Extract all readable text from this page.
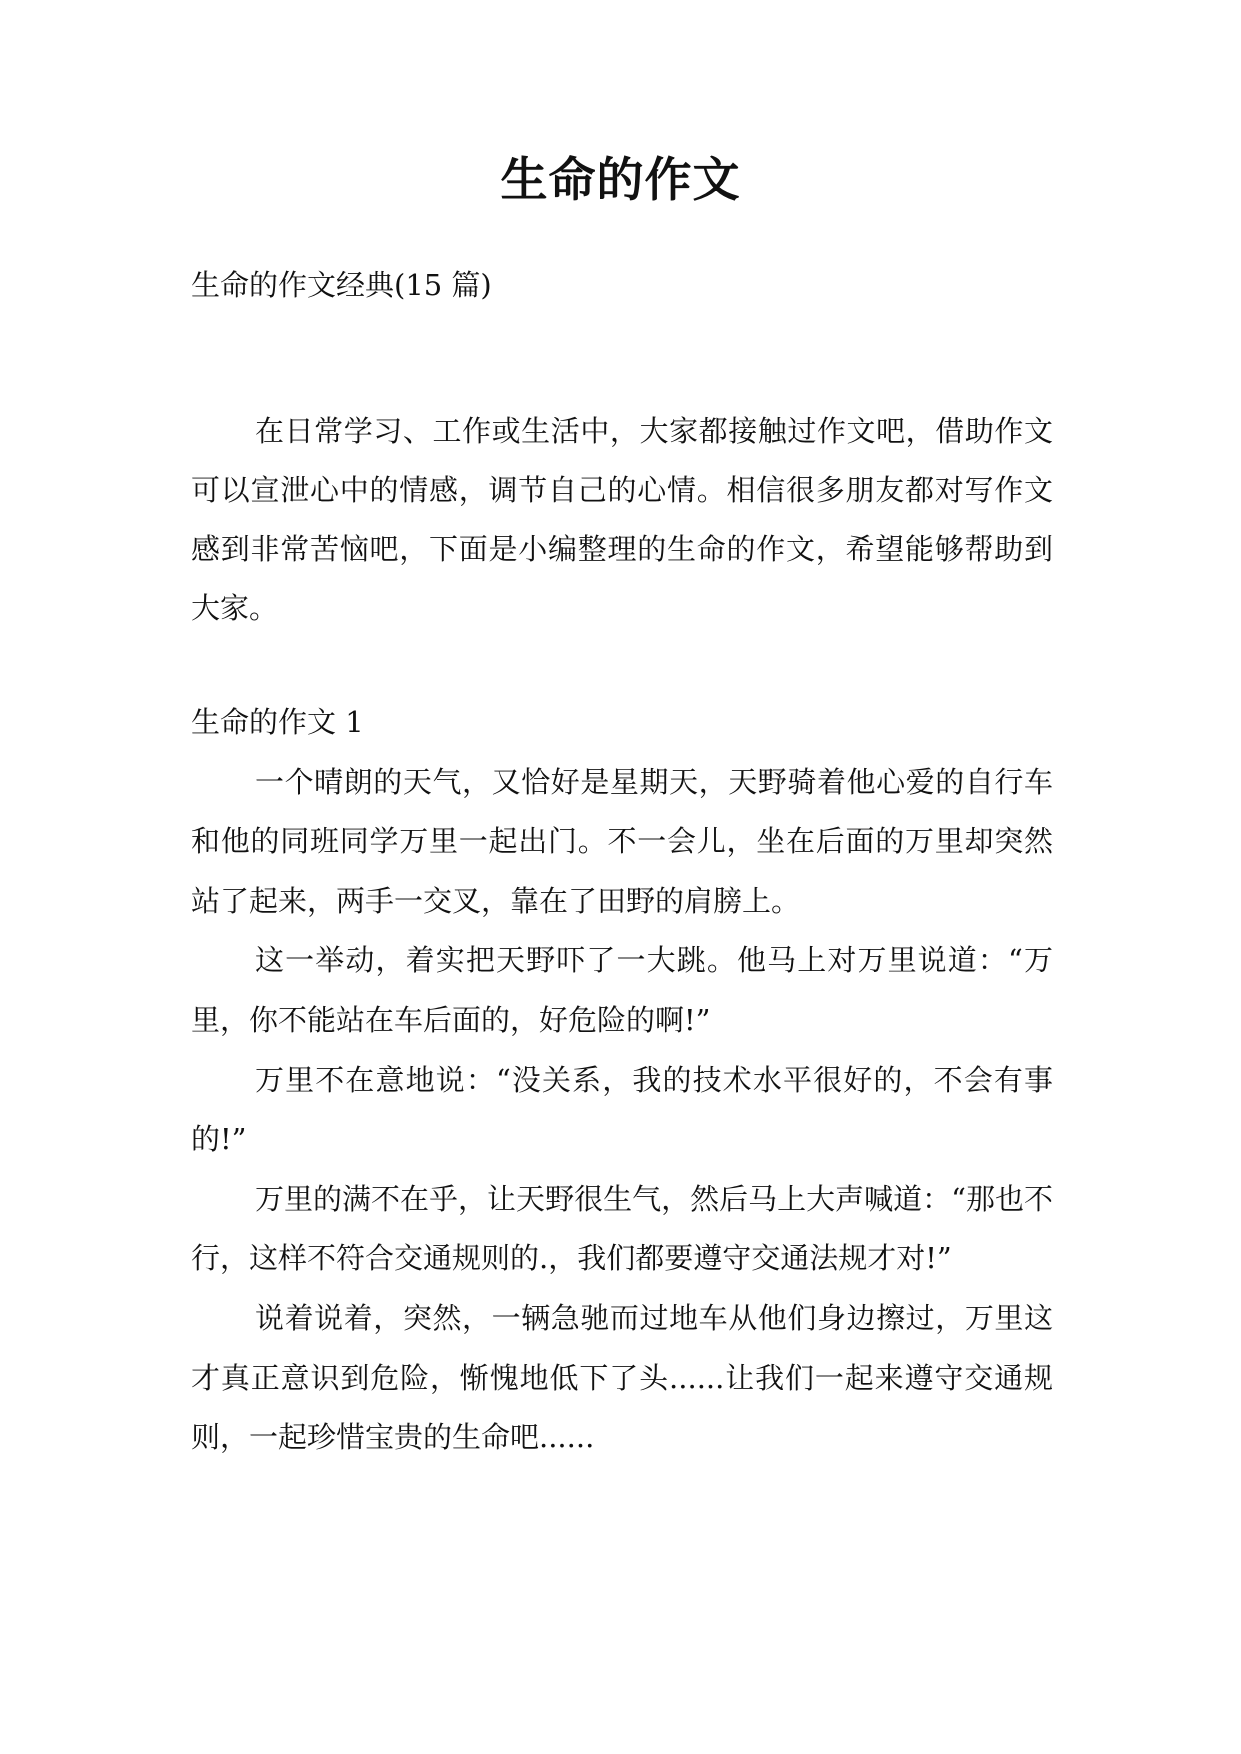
生命的作文
生命的作文经典(15 篇)

在日常学习、工作或生活中，大家都接触过作文吧，借助作文可以宣泄心中的情感，调节自己的心情。相信很多朋友都对写作文感到非常苦恼吧，下面是小编整理的生命的作文，希望能够帮助到大家。

生命的作文 1

一个晴朗的天气，又恰好是星期天，天野骑着他心爱的自行车和他的同班同学万里一起出门。不一会儿，坐在后面的万里却突然站了起来，两手一交叉，靠在了田野的肩膀上。

这一举动，着实把天野吓了一大跳。他马上对万里说道：“万里，你不能站在车后面的，好危险的啊!”

万里不在意地说：“没关系，我的技术水平很好的，不会有事的!”

万里的满不在乎，让天野很生气，然后马上大声喊道：“那也不行，这样不符合交通规则的.，我们都要遵守交通法规才对!”

说着说着，突然，一辆急驰而过地车从他们身边擦过，万里这才真正意识到危险，惭愧地低下了头......让我们一起来遵守交通规则，一起珍惜宝贵的生命吧......
